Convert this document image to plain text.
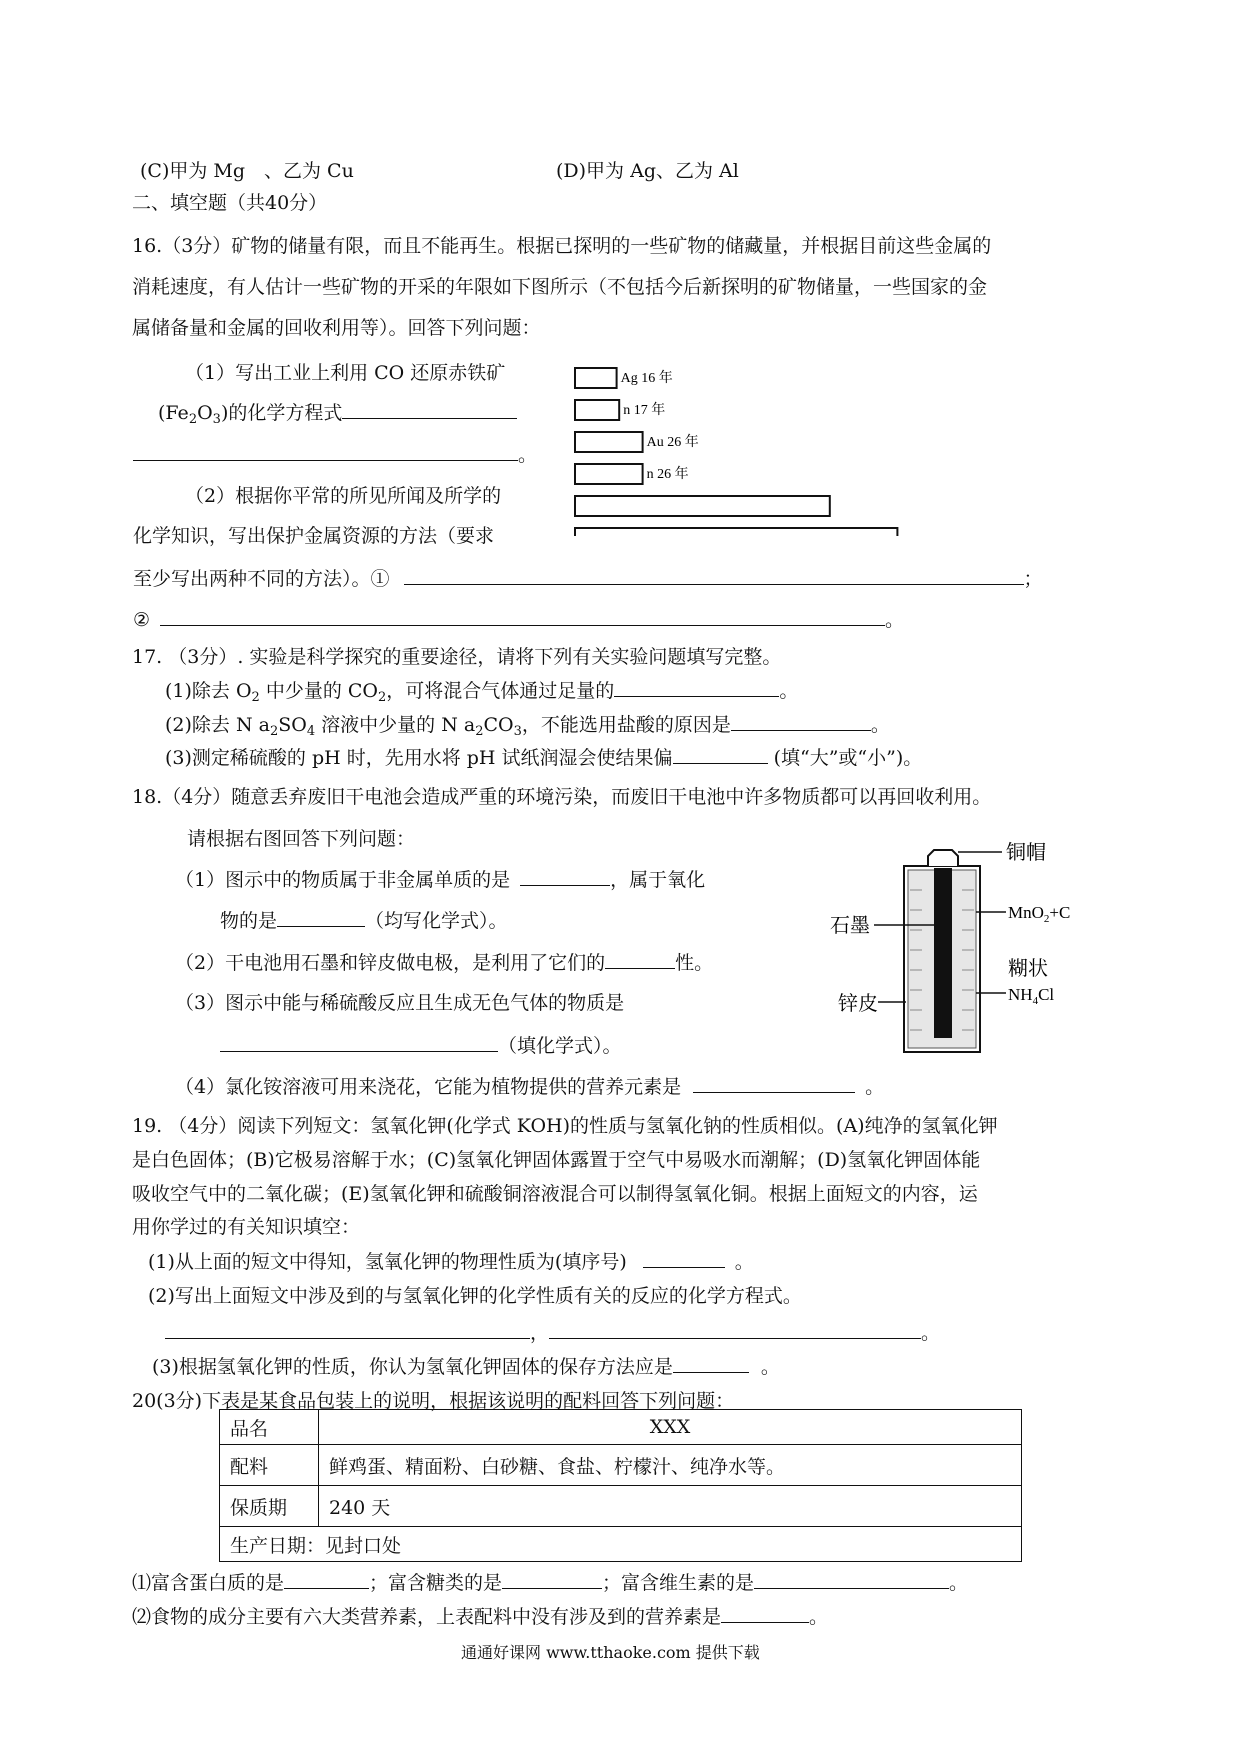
(C)甲为 Mg　、乙为 Cu	(D)甲为 Ag、乙为 Al
二、填空题（共40分）
16.（3分）矿物的储量有限，而且不能再生。根据已探明的一些矿物的储藏量，并根据目前这些金属的
消耗速度，有人估计一些矿物的开采的年限如下图所示（不包括今后新探明的矿物储量，一些国家的金
属储备量和金属的回收利用等）。回答下列问题：
（1）写出工业上利用 CO 还原赤铁矿
$(Fe_2O_3)$的化学方程式
。
（2）根据你平常的所见所闻及所学的
化学知识，写出保护金属资源的方法（要求
至少写出两种不同的方法）。①	；
②	。
Ag 16 年
n 17 年
Au 26 年
n 26 年
17. （3分）. 实验是科学探究的重要途径，请将下列有关实验问题填写完整。
(1)除去 $O_2$ 中少量的 $CO_2$，可将混合气体通过足量的	。
(2)除去 N $a_2SO_4$ 溶液中少量的 N $a_2CO_3$，不能选用盐酸的原因是	。
(3)测定稀硫酸的 pH 时，先用水将 pH 试纸润湿会使结果偏	(填“大”或“小”)。
18.（4分）随意丢弃废旧干电池会造成严重的环境污染，而废旧干电池中许多物质都可以再回收利用。
请根据右图回答下列问题：
（1）图示中的物质属于非金属单质的是	，属于氧化
物的是	（均写化学式）。
（2）干电池用石墨和锌皮做电极，是利用了它们的	性。
（3）图示中能与稀硫酸反应且生成无色气体的物质是
（填化学式）。
（4）氯化铵溶液可用来浇花，它能为植物提供的营养元素是	。
铜帽
MnO$_2$+C
石墨
糊状
$NH_4Cl$
锌皮
19. （4分）阅读下列短文：氢氧化钾(化学式 KOH)的性质与氢氧化钠的性质相似。(A)纯净的氢氧化钾
是白色固体；(B)它极易溶解于水；(C)氢氧化钾固体露置于空气中易吸水而潮解；(D)氢氧化钾固体能
吸收空气中的二氧化碳；(E)氢氧化钾和硫酸铜溶液混合可以制得氢氧化铜。根据上面短文的内容，运
用你学过的有关知识填空：
(1)从上面的短文中得知，氢氧化钾的物理性质为(填序号)	。
(2)写出上面短文中涉及到的与氢氧化钾的化学性质有关的反应的化学方程式。
，	。
(3)根据氢氧化钾的性质，你认为氢氧化钾固体的保存方法应是	。
20(3分)下表是某食品包装上的说明，根据该说明的配料回答下列问题：
品名	XXX
配料	鲜鸡蛋、精面粉、白砂糖、食盐、柠檬汁、纯净水等。
保质期	240 天
生产日期：见封口处	
⑴富含蛋白质的是	；富含糖类的是	；富含维生素的是	。
⑵食物的成分主要有六大类营养素，上表配料中没有涉及到的营养素是	。
通通好课网 www.tthaoke.com 提供下载
